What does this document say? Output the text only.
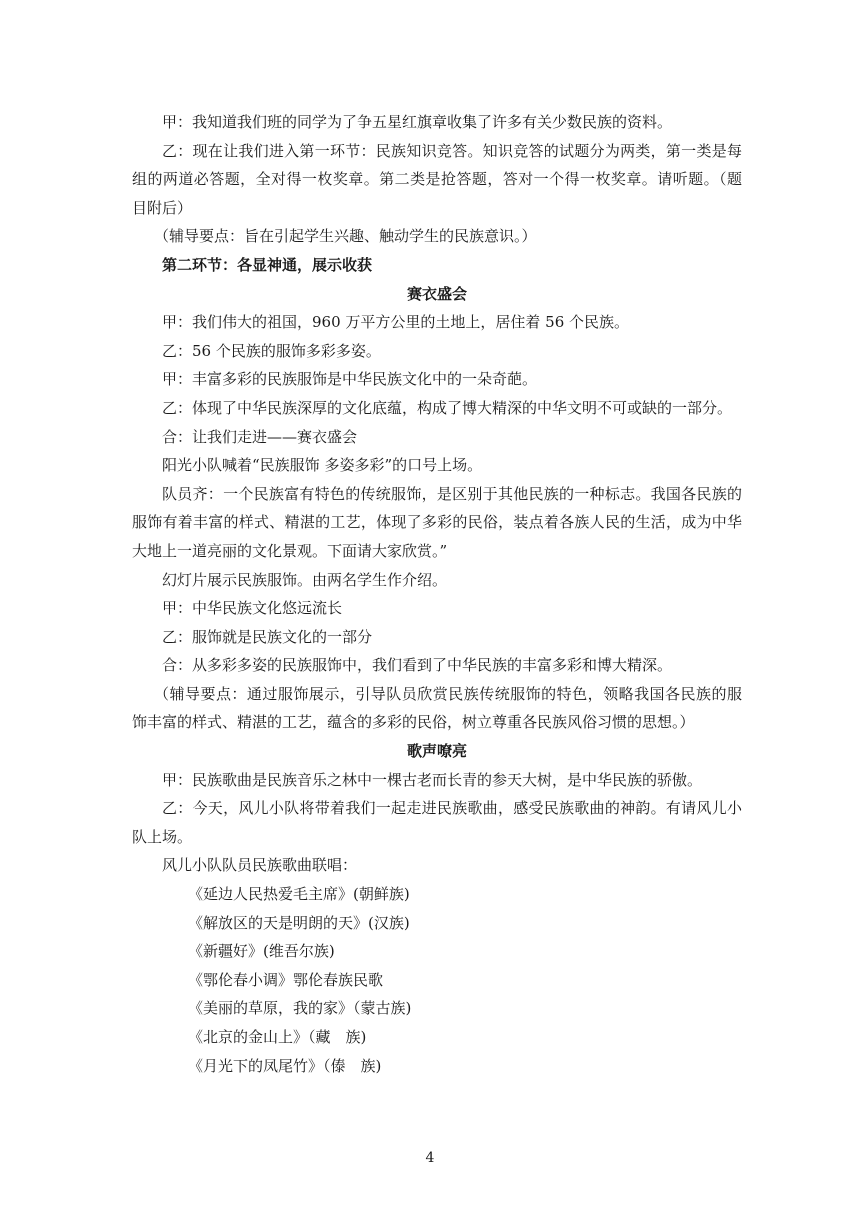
甲：我知道我们班的同学为了争五星红旗章收集了许多有关少数民族的资料。
乙：现在让我们进入第一环节：民族知识竞答。知识竞答的试题分为两类，第一类是每
组的两道必答题，全对得一枚奖章。第二类是抢答题，答对一个得一枚奖章。请听题。（题
目附后）
（辅导要点：旨在引起学生兴趣、触动学生的民族意识。）
第二环节：各显神通，展示收获
赛衣盛会
甲：我们伟大的祖国，960 万平方公里的土地上，居住着 56 个民族。
乙：56 个民族的服饰多彩多姿。
甲：丰富多彩的民族服饰是中华民族文化中的一朵奇葩。
乙：体现了中华民族深厚的文化底蕴，构成了博大精深的中华文明不可或缺的一部分。
合：让我们走进——赛衣盛会
阳光小队喊着“民族服饰 多姿多彩”的口号上场。
队员齐：一个民族富有特色的传统服饰，是区别于其他民族的一种标志。我国各民族的
服饰有着丰富的样式、精湛的工艺，体现了多彩的民俗，装点着各族人民的生活，成为中华
大地上一道亮丽的文化景观。下面请大家欣赏。”
幻灯片展示民族服饰。由两名学生作介绍。
甲：中华民族文化悠远流长
乙：服饰就是民族文化的一部分
合：从多彩多姿的民族服饰中，我们看到了中华民族的丰富多彩和博大精深。
（辅导要点：通过服饰展示，引导队员欣赏民族传统服饰的特色，领略我国各民族的服
饰丰富的样式、精湛的工艺，蕴含的多彩的民俗，树立尊重各民族风俗习惯的思想。）
歌声嘹亮
甲：民族歌曲是民族音乐之林中一棵古老而长青的参天大树，是中华民族的骄傲。
乙：今天，风儿小队将带着我们一起走进民族歌曲，感受民族歌曲的神韵。有请风儿小
队上场。
风儿小队队员民族歌曲联唱：
《延边人民热爱毛主席》(朝鲜族)
《解放区的天是明朗的天》(汉族)
《新疆好》(维吾尔族)
《鄂伦春小调》鄂伦春族民歌
《美丽的草原，我的家》（蒙古族)
《北京的金山上》（藏　族)
《月光下的凤尾竹》（傣　族)
4
